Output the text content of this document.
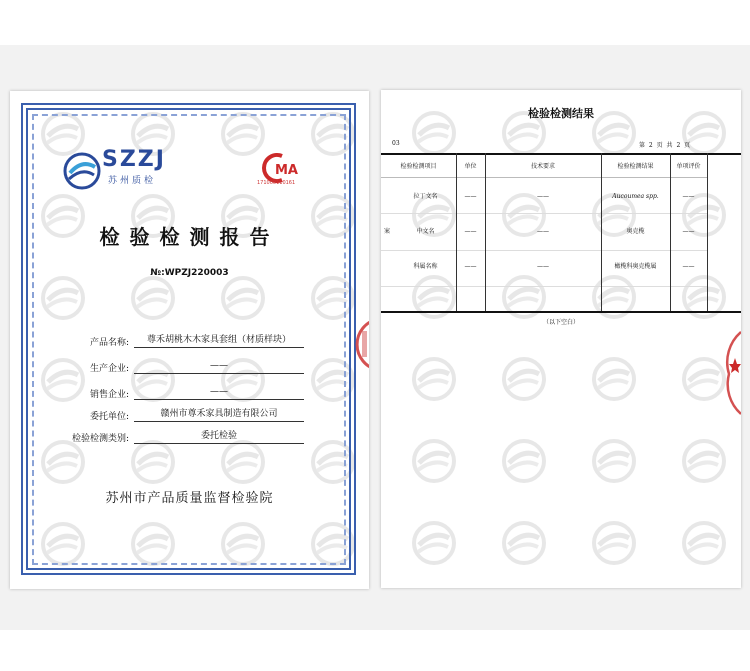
SZZJ
苏州质检
MA
171000110161
检验检测报告
№:WPZJ220003
产品名称:	尊禾胡桃木木家具套组（材质样块）
生产企业:	——
销售企业:	——
委托单位:	赣州市尊禾家具制造有限公司
检验检测类别:	委托检验
苏州市产品质量监督检验院
检验检测结果
03	第 2 页 共 2 页
检验检测项目	单位	技术要求	检验检测结果	单项评价
拉丁文名	——	——	Aucoumea spp.	——
案	中文名	——	——	奥克榄	——
科属名称	——	——	橄榄科奥克榄属	——
（以下空白）
